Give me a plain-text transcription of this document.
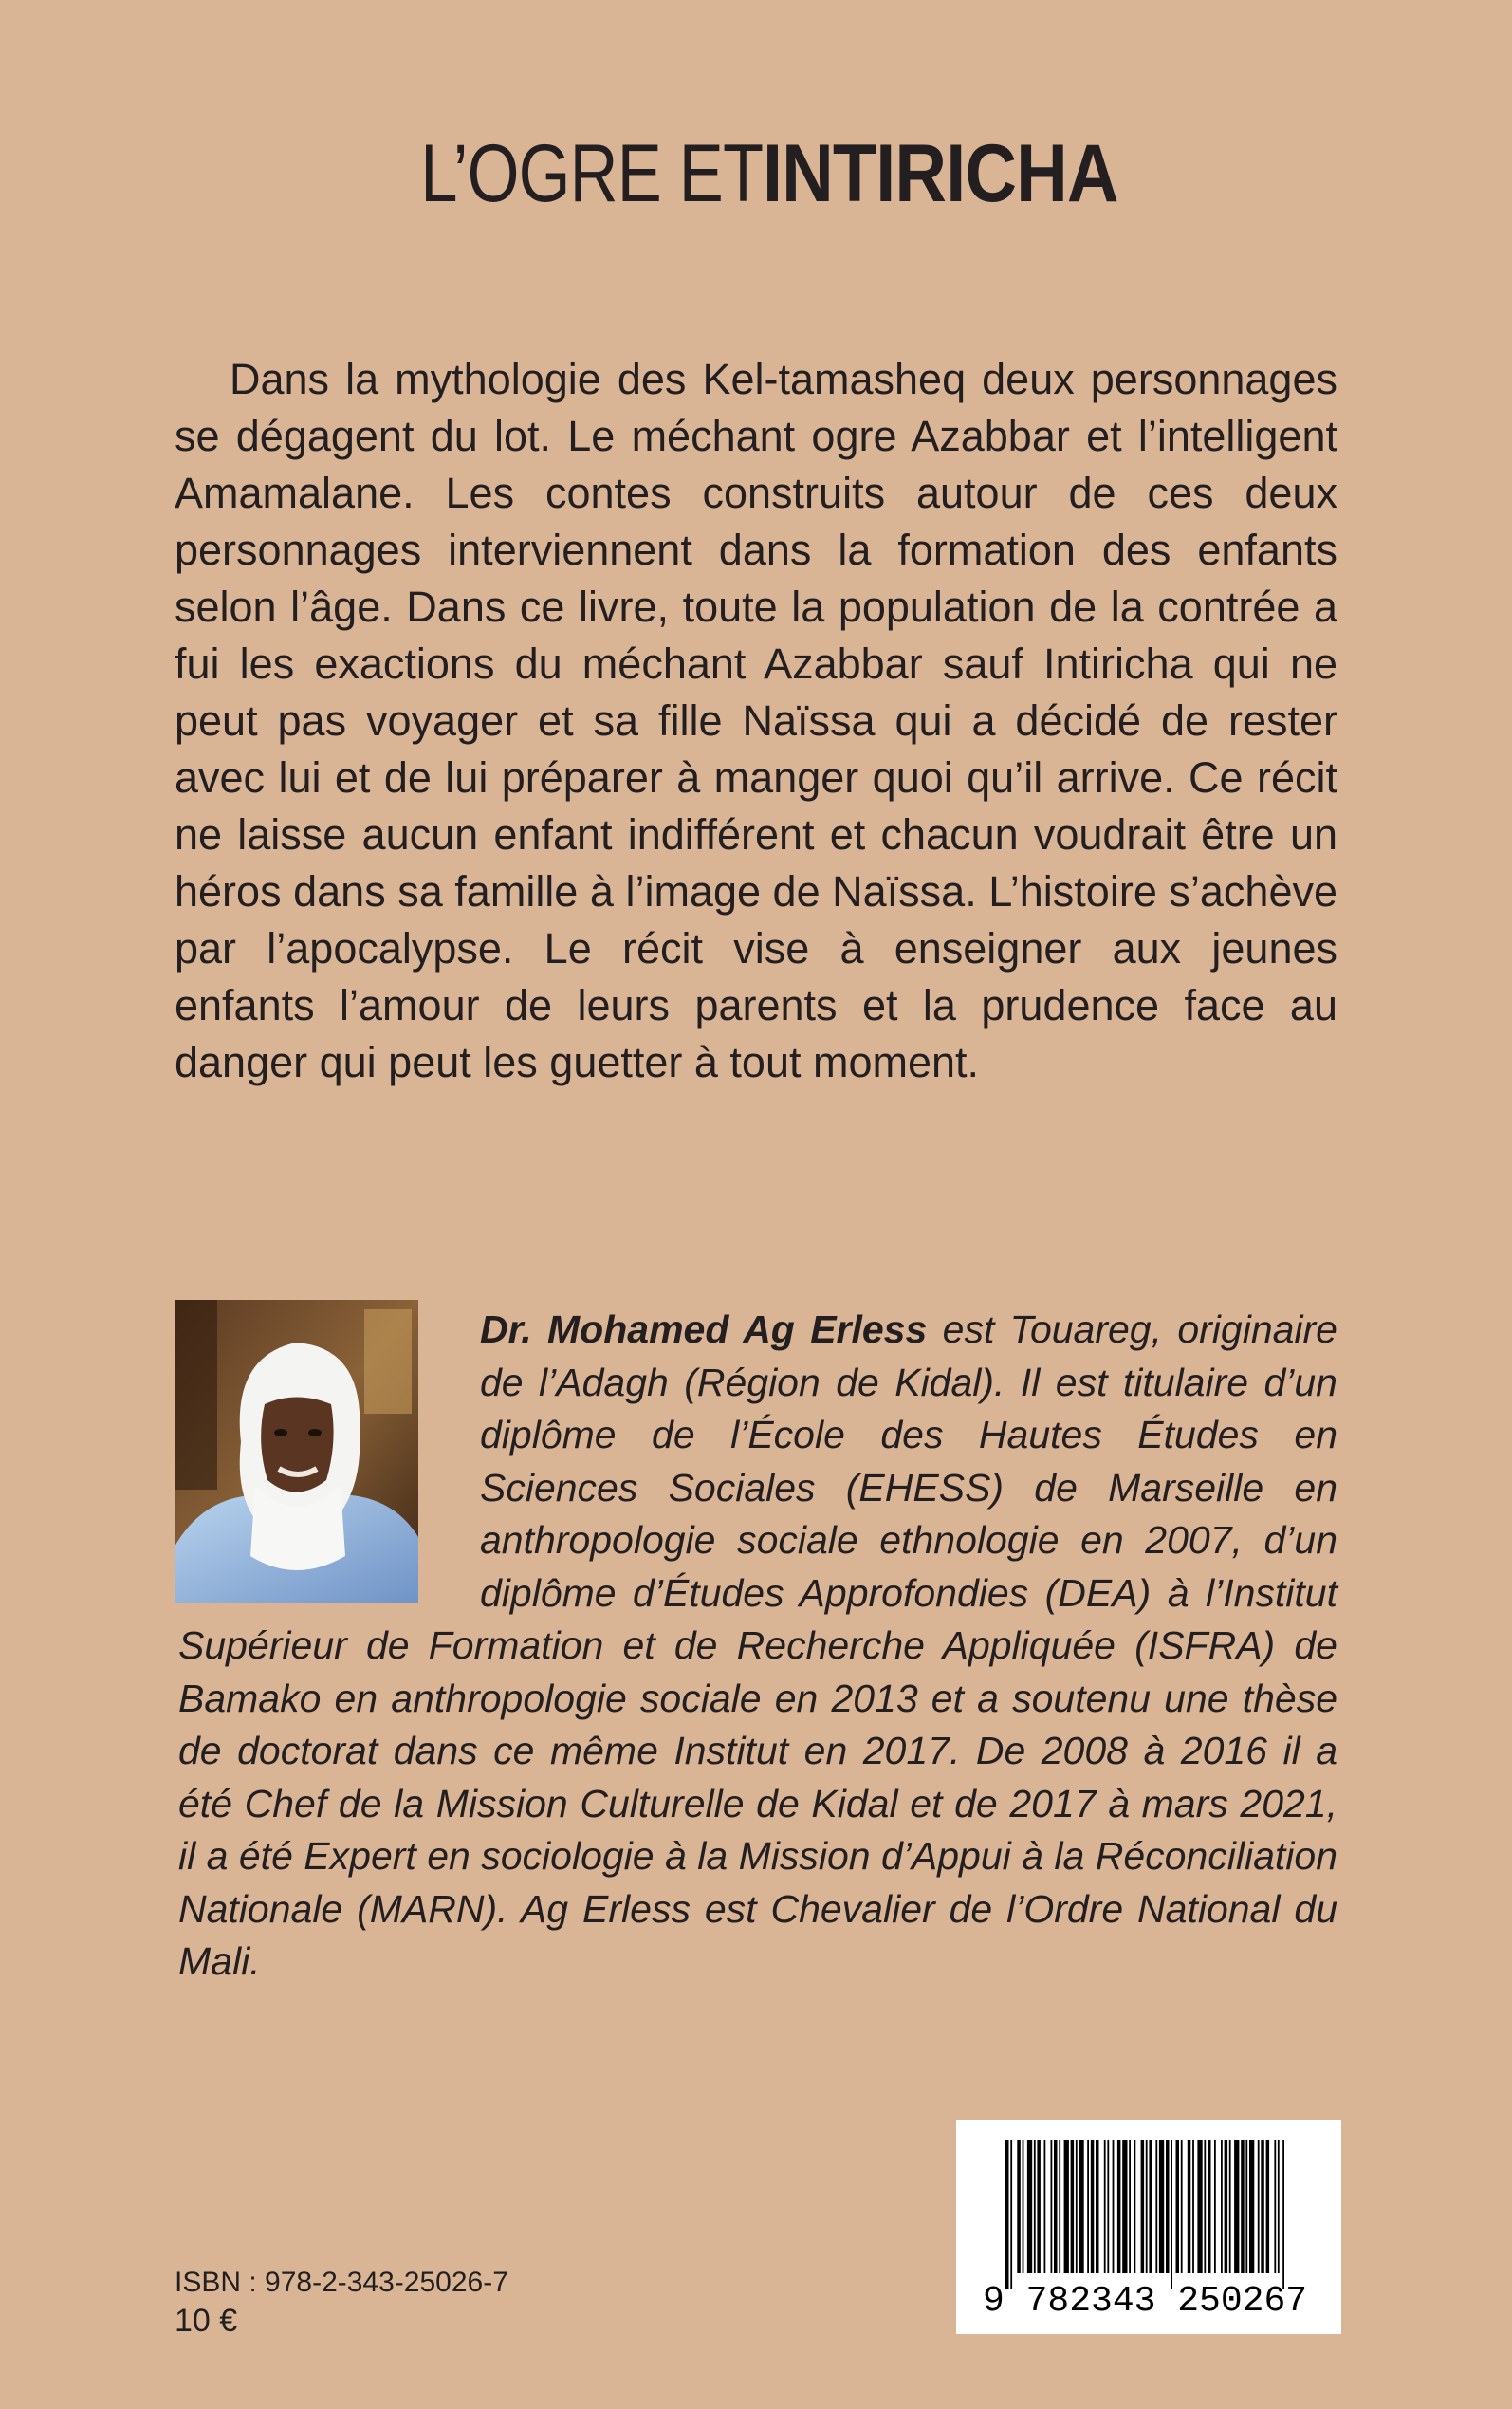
L’OGRE ETINTIRICHA

Dans la mythologie des Kel-tamasheq deux personnages se dégagent du lot. Le méchant ogre Azabbar et l’intelligent Amamalane. Les contes construits autour de ces deux personnages interviennent dans la formation des enfants selon l’âge. Dans ce livre, toute la population de la contrée a fui les exactions du méchant Azabbar sauf Intiricha qui ne peut pas voyager et sa fille Naïssa qui a décidé de rester avec lui et de lui préparer à manger quoi qu’il arrive. Ce récit ne laisse aucun enfant indifférent et chacun voudrait être un héros dans sa famille à l’image de Naïssa. L’histoire s’achève par l’apocalypse. Le récit vise à enseigner aux jeunes enfants l’amour de leurs parents et la prudence face au danger qui peut les guetter à tout moment.

Dr. Mohamed Ag Erless est Touareg, originaire de l’Adagh (Région de Kidal). Il est titulaire d’un diplôme de l’École des Hautes Études en Sciences Sociales (EHESS) de Marseille en anthropologie sociale ethnologie en 2007, d’un diplôme d’Études Approfondies (DEA) à l’Institut Supérieur de Formation et de Recherche Appliquée (ISFRA) de Bamako en anthropologie sociale en 2013 et a soutenu une thèse de doctorat dans ce même Institut en 2017. De 2008 à 2016 il a été Chef de la Mission Culturelle de Kidal et de 2017 à mars 2021, il a été Expert en sociologie à la Mission d’Appui à la Réconciliation Nationale (MARN). Ag Erless est Chevalier de l’Ordre National du Mali.

ISBN : 978-2-343-25026-7
10 €	9 782343 250267
